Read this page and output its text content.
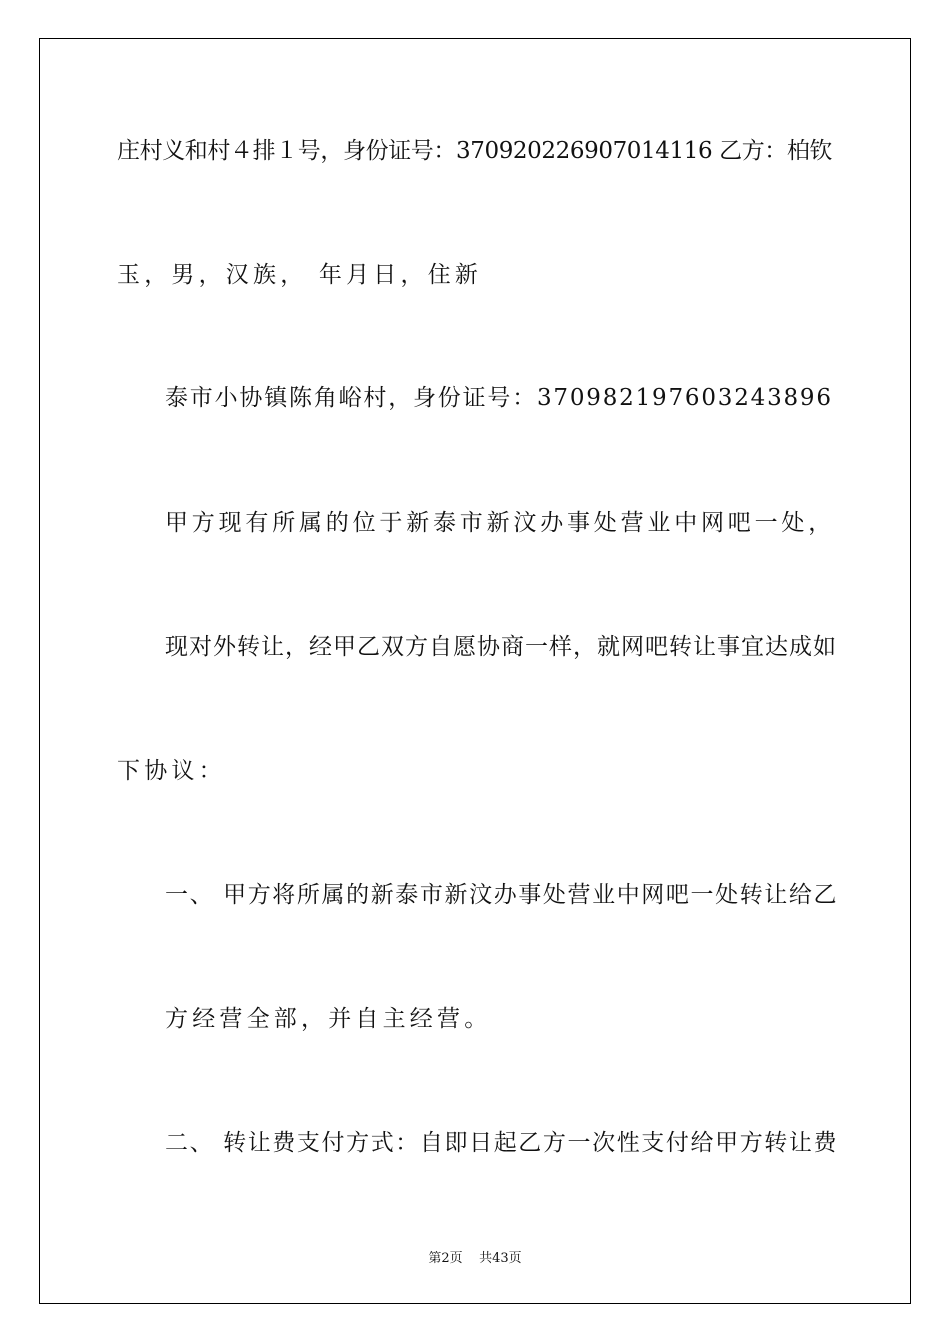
庄村义和村４排１号，身份证号：370920226907014116 乙方：柏钦
玉，男，汉族， 年月日，住新
泰市小协镇陈角峪村，身份证号：370982197603243896
甲方现有所属的位于新泰市新汶办事处营业中网吧一处，
现对外转让，经甲乙双方自愿协商一样，就网吧转让事宜达成如
下协议：
一、 甲方将所属的新泰市新汶办事处营业中网吧一处转让给乙
方经营全部，并自主经营。
二、 转让费支付方式：自即日起乙方一次性支付给甲方转让费
第2页    共43页
